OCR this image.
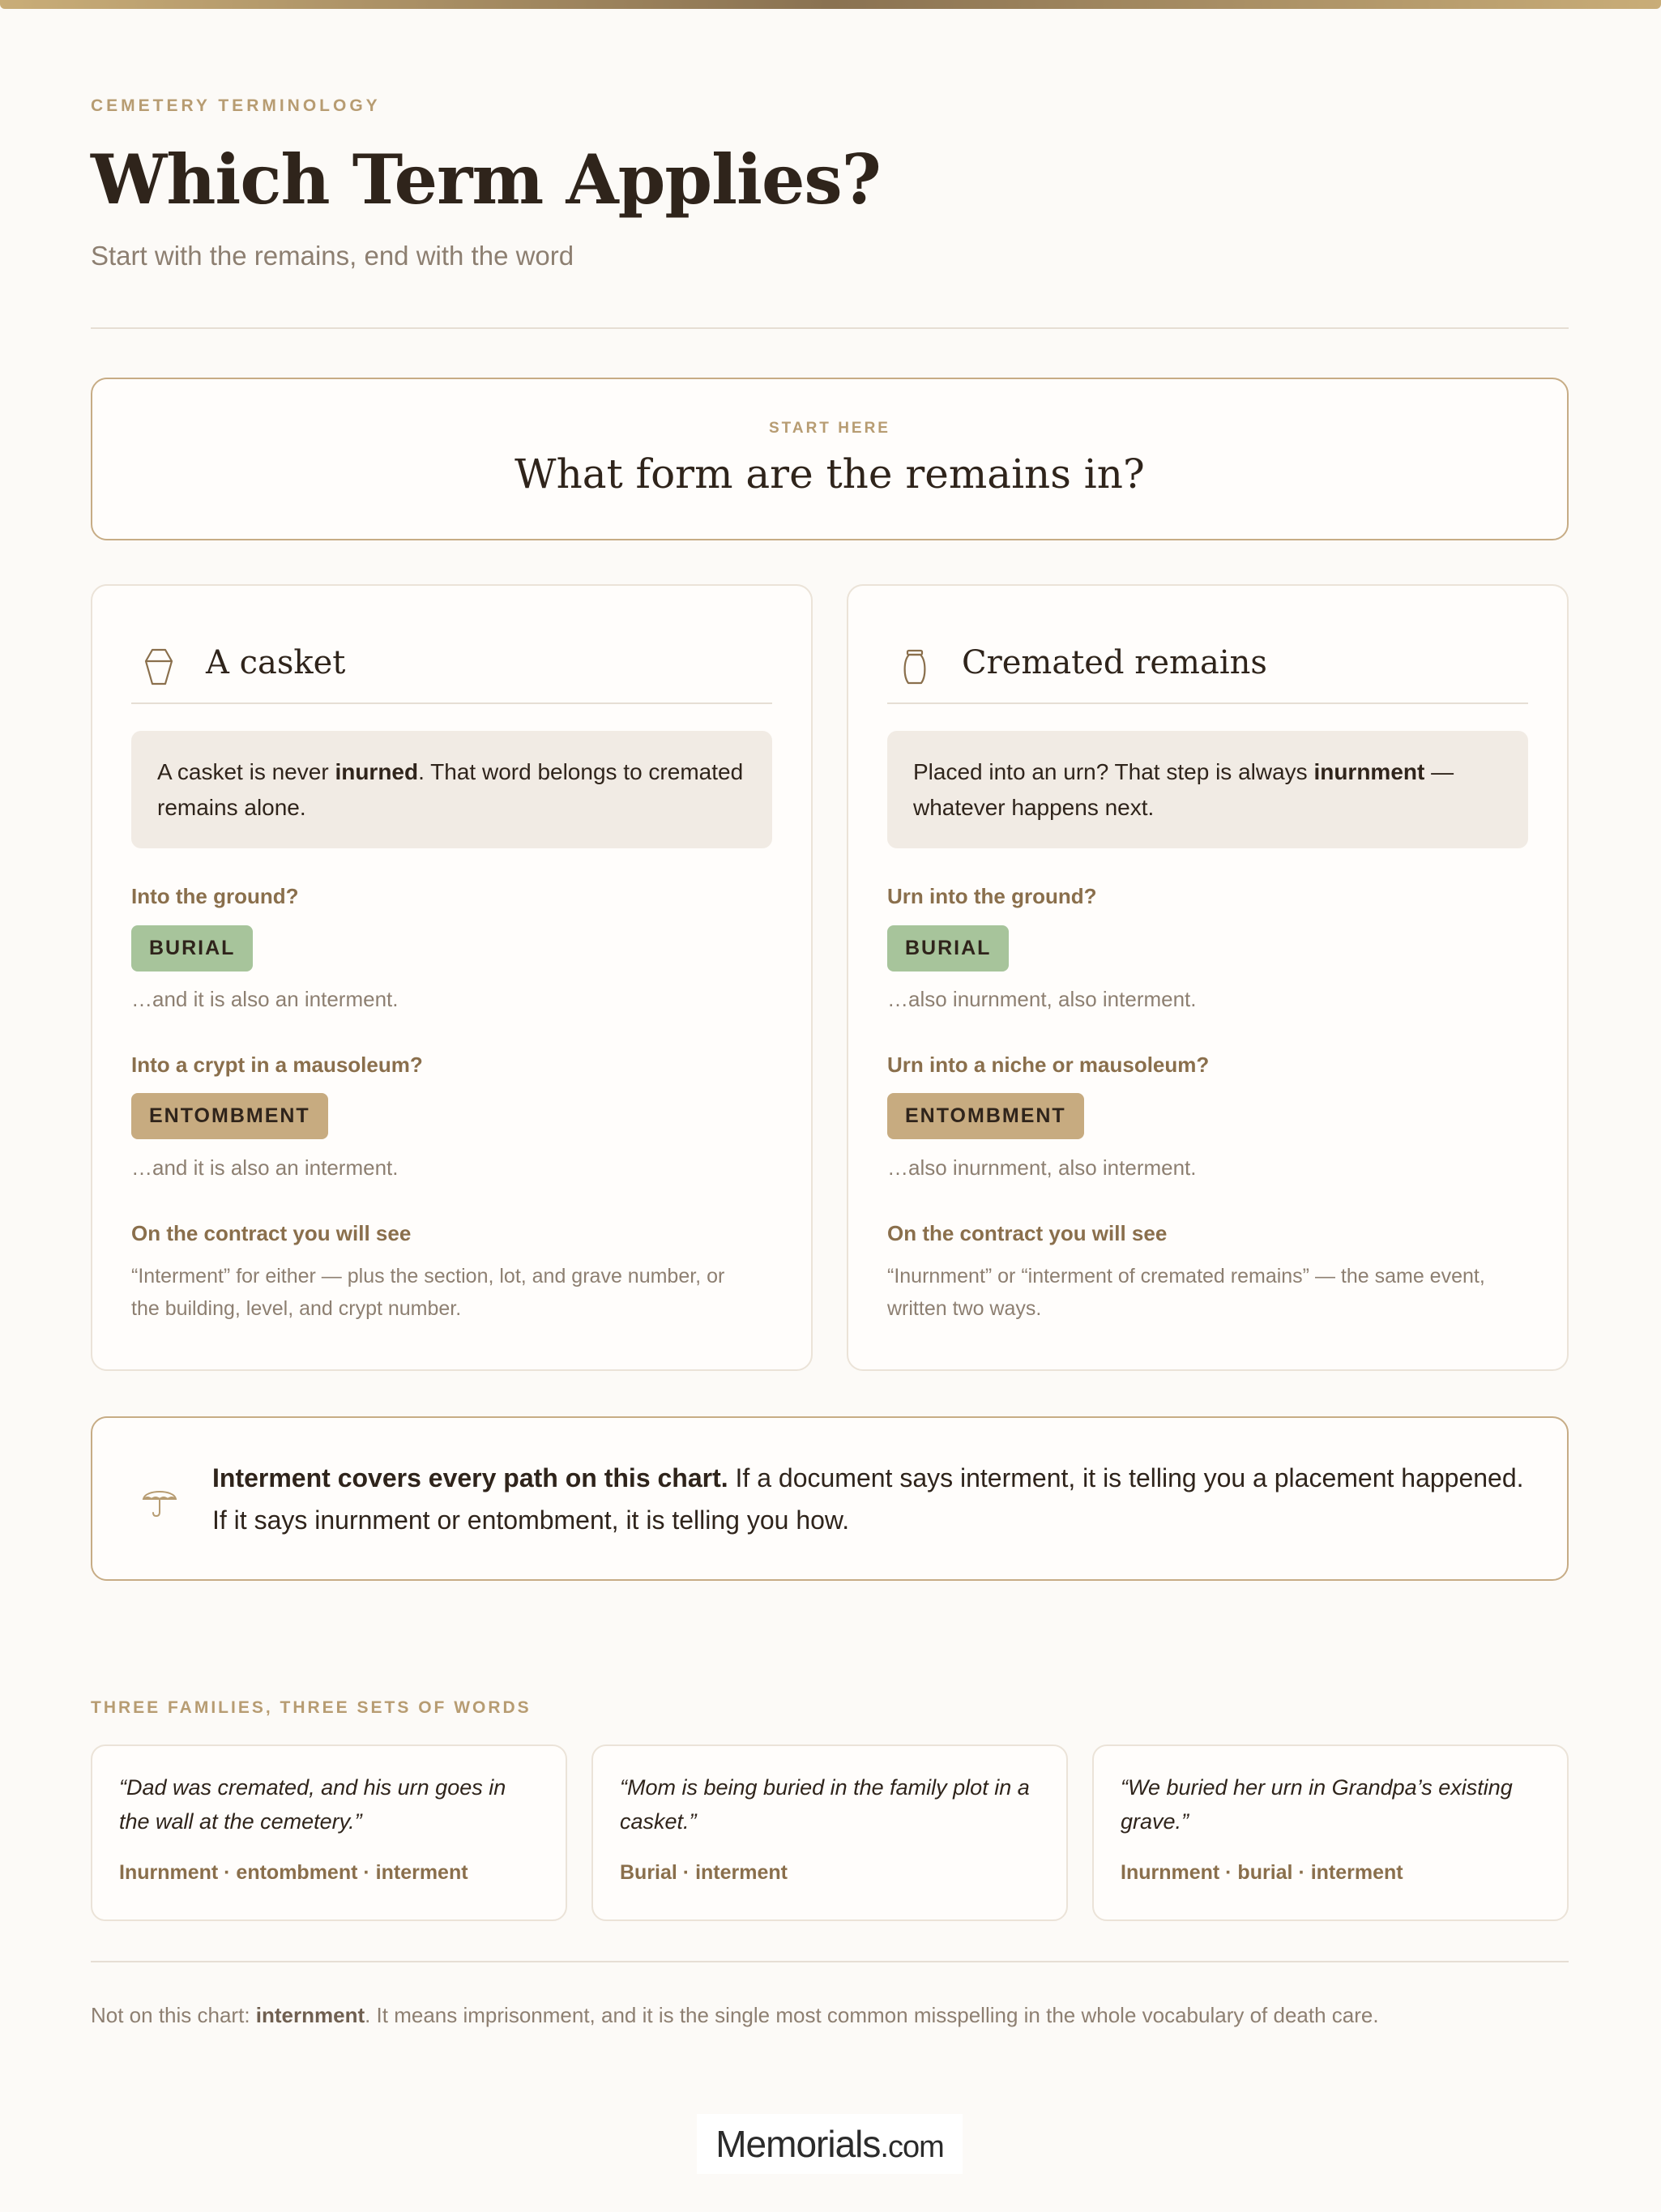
CEMETERY TERMINOLOGY
Which Term Applies?
Start with the remains, end with the word
START HERE
What form are the remains in?
A casket
A casket is never inurned. That word belongs to cremated remains alone.
Into the ground?
BURIAL
…and it is also an interment.
Into a crypt in a mausoleum?
ENTOMBMENT
…and it is also an interment.
On the contract you will see
“Interment” for either — plus the section, lot, and grave number, or the building, level, and crypt number.
Cremated remains
Placed into an urn? That step is always inurnment — whatever happens next.
Urn into the ground?
BURIAL
…also inurnment, also interment.
Urn into a niche or mausoleum?
ENTOMBMENT
…also inurnment, also interment.
On the contract you will see
“Inurnment” or “interment of cremated remains” — the same event, written two ways.
Interment covers every path on this chart. If a document says interment, it is telling you a placement happened. If it says inurnment or entombment, it is telling you how.
THREE FAMILIES, THREE SETS OF WORDS
“Dad was cremated, and his urn goes in the wall at the cemetery.”
Inurnment · entombment · interment
“Mom is being buried in the family plot in a casket.”
Burial · interment
“We buried her urn in Grandpa’s existing grave.”
Inurnment · burial · interment
Not on this chart: internment. It means imprisonment, and it is the single most common misspelling in the whole vocabulary of death care.
Memorials.com
